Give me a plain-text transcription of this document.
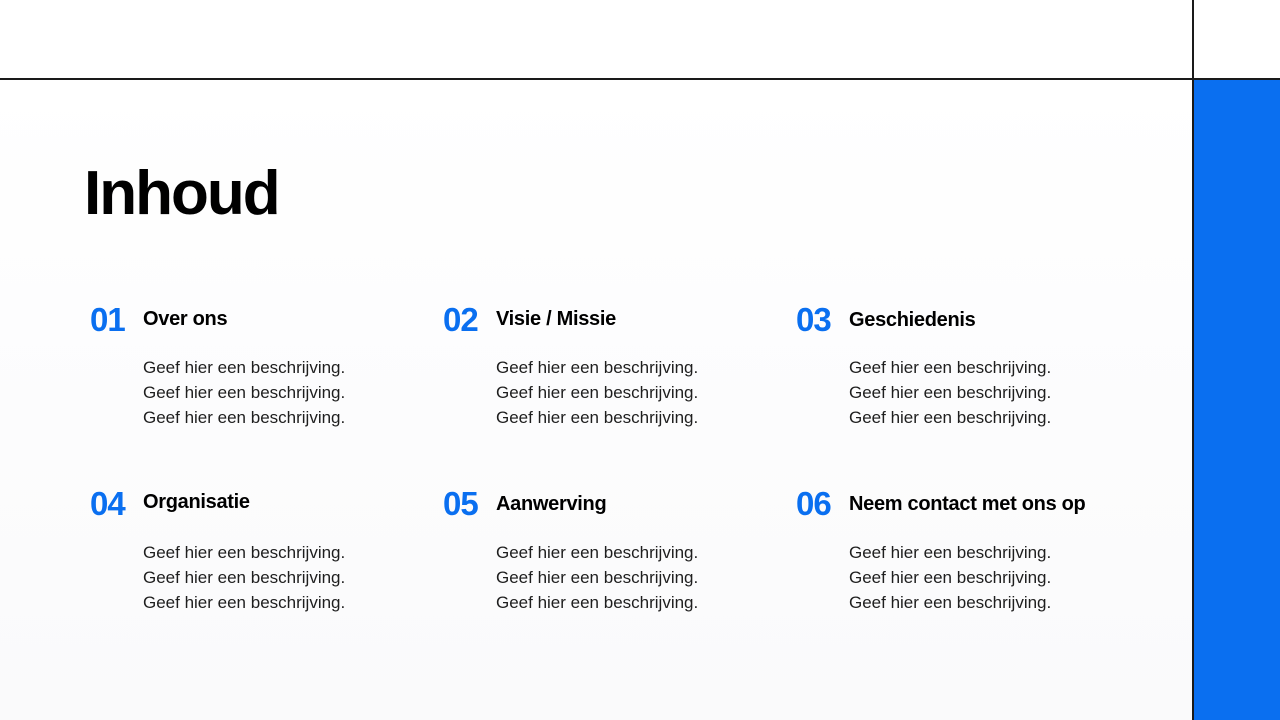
Inhoud
01 Over ons
Geef hier een beschrijving.
Geef hier een beschrijving.
Geef hier een beschrijving.
02 Visie / Missie
Geef hier een beschrijving.
Geef hier een beschrijving.
Geef hier een beschrijving.
03 Geschiedenis
Geef hier een beschrijving.
Geef hier een beschrijving.
Geef hier een beschrijving.
04 Organisatie
Geef hier een beschrijving.
Geef hier een beschrijving.
Geef hier een beschrijving.
05 Aanwerving
Geef hier een beschrijving.
Geef hier een beschrijving.
Geef hier een beschrijving.
06 Neem contact met ons op
Geef hier een beschrijving.
Geef hier een beschrijving.
Geef hier een beschrijving.
